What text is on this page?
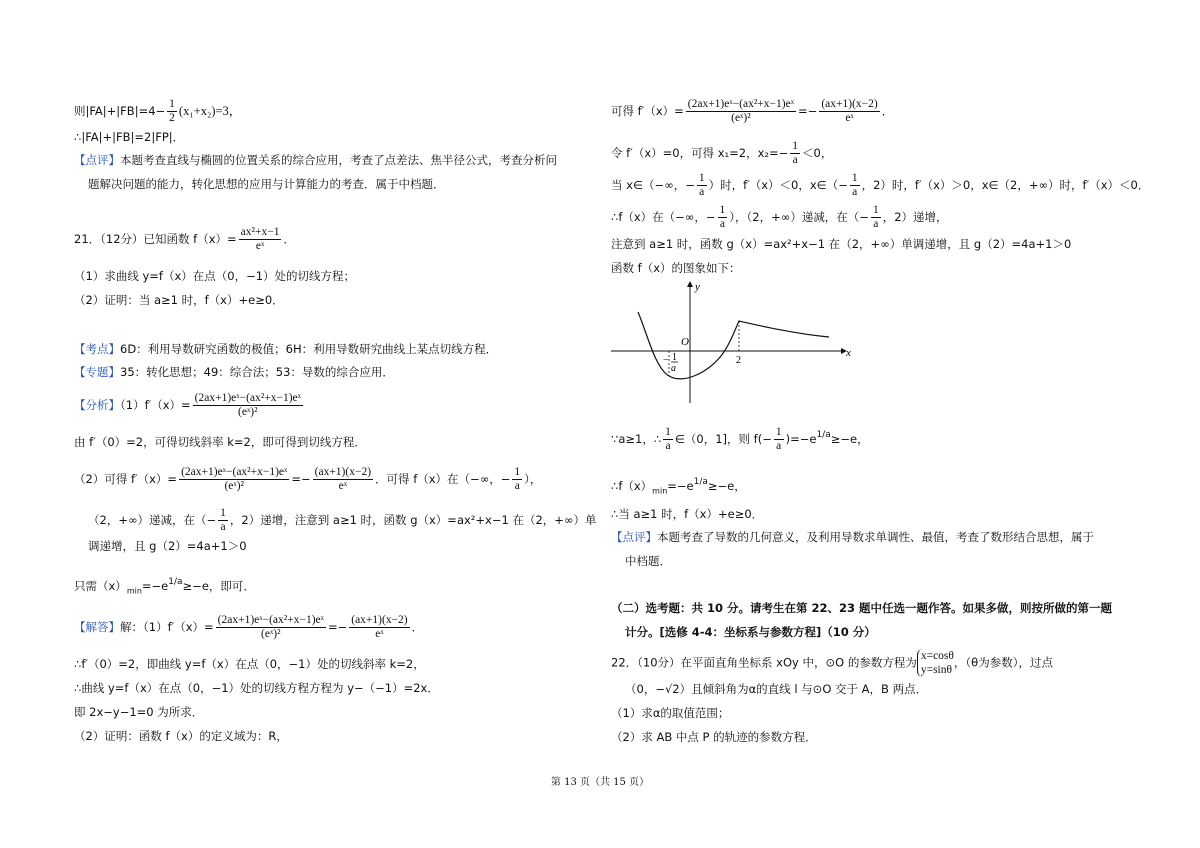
则$|FA|+|FB|=4- \frac{1}{2} (x_1+x_2)=3$，
∴|FA|+|FB|=2|FP|．
【点评】本题考查直线与椭圆的位置关系的综合应用，考查了点差法、焦半径公式，考查分析问
题解决问题的能力，转化思想的应用与计算能力的考查．属于中档题．
21．（12分）已知函数 $f(x)= \frac{\text{ax²+x−1}}{\text{eˣ}}$ ．
（1）求曲线 y=f（x）在点（0，−1）处的切线方程；
（2）证明：当 a≥1 时，f（x）+e≥0．
【考点】6D：利用导数研究函数的极值；6H：利用导数研究曲线上某点切线方程．
【专题】35：转化思想；49：综合法；53：导数的综合应用．
【分析】$(1)f'(x)= \frac{\text{(2ax+1)eˣ−(ax²+x−1)eˣ}}{\text{(eˣ)²}}$
由 f′（0）=2，可得切线斜率 k=2，即可得到切线方程．
（2）可得 $f'(x)= \frac{\text{(2ax+1)eˣ−(ax²+x−1)eˣ}}{\text{(eˣ)²}} =- \frac{(ax+1)(x-2)}{\text{eˣ}}$ ．可得 f（x）在（−∞，− $\frac{1}{a}$ ），
（2，+∞）递减，在（− $\frac{1}{a}$ ，2）递增，注意到 a≥1 时，函数 g（x）=ax²+x−1 在（2，+∞）单
调递增，且 g（2）=4a+1＞0
只需$(x)_{min}=-e^{1/a}\ge-e$，即可．
【解答】解：$(1)f'(x)= \frac{\text{(2ax+1)eˣ−(ax²+x−1)eˣ}}{\text{(eˣ)²}} =- \frac{(ax+1)(x-2)}{\text{eˣ}}$ ．
∴f′（0）=2，即曲线 y=f（x）在点（0，−1）处的切线斜率 k=2，
∴曲线 y=f（x）在点（0，−1）处的切线方程方程为 y−（−1）=2x．
即 2x−y−1=0 为所求．
（2）证明：函数 f（x）的定义域为：R，
可得 $f'(x)= \frac{\text{(2ax+1)eˣ−(ax²+x−1)eˣ}}{\text{(eˣ)²}} =- \frac{(ax+1)(x-2)}{\text{eˣ}}$ ．
令 f′（x）=0，可得 x₁=2，$x_2=- \frac{1}{a} <0$，
当 x∈（−∞，− $\frac{1}{a}$ ）时，f′（x）＜0，x∈（− $\frac{1}{a}$ ，2）时，f′（x）＞0，x∈（2，+∞）时，f′（x）＜0．
∴f（x）在（−∞，− $\frac{1}{a}$ ），（2，+∞）递减，在（− $\frac{1}{a}$ ，2）递增，
注意到 a≥1 时，函数 g（x）=ax²+x−1 在（2，+∞）单调递增，且 g（2）=4a+1＞0
函数 f（x）的图象如下：
y
x
O
− 1
a
2
∵a≥1，∴ $\frac{1}{a}$ ∈（0，1]，则 $f(- \frac{1}{a} )=-e^{1/a}\ge-e$，
$\therefore f(x)_{min}=-e^{1/a}\ge-e$，
∴当 a≥1 时，f（x）+e≥0．
【点评】本题考查了导数的几何意义，及利用导数求单调性、最值，考查了数形结合思想，属于
中档题．
（二）选考题：共 10 分。请考生在第 22、23 题中任选一题作答。如果多做，则按所做的第一题
计分。[选修 4-4：坐标系与参数方程]（10 分）
22．（10分）在平面直角坐标系 xOy 中，⊙O 的参数方程为 x=cosθ
y=sinθ
，（θ为参数），过点
（0，−√2）且倾斜角为α的直线 l 与⊙O 交于 A，B 两点．
（1）求α的取值范围；
（2）求 AB 中点 P 的轨迹的参数方程．
第 13 页（共 15 页）
